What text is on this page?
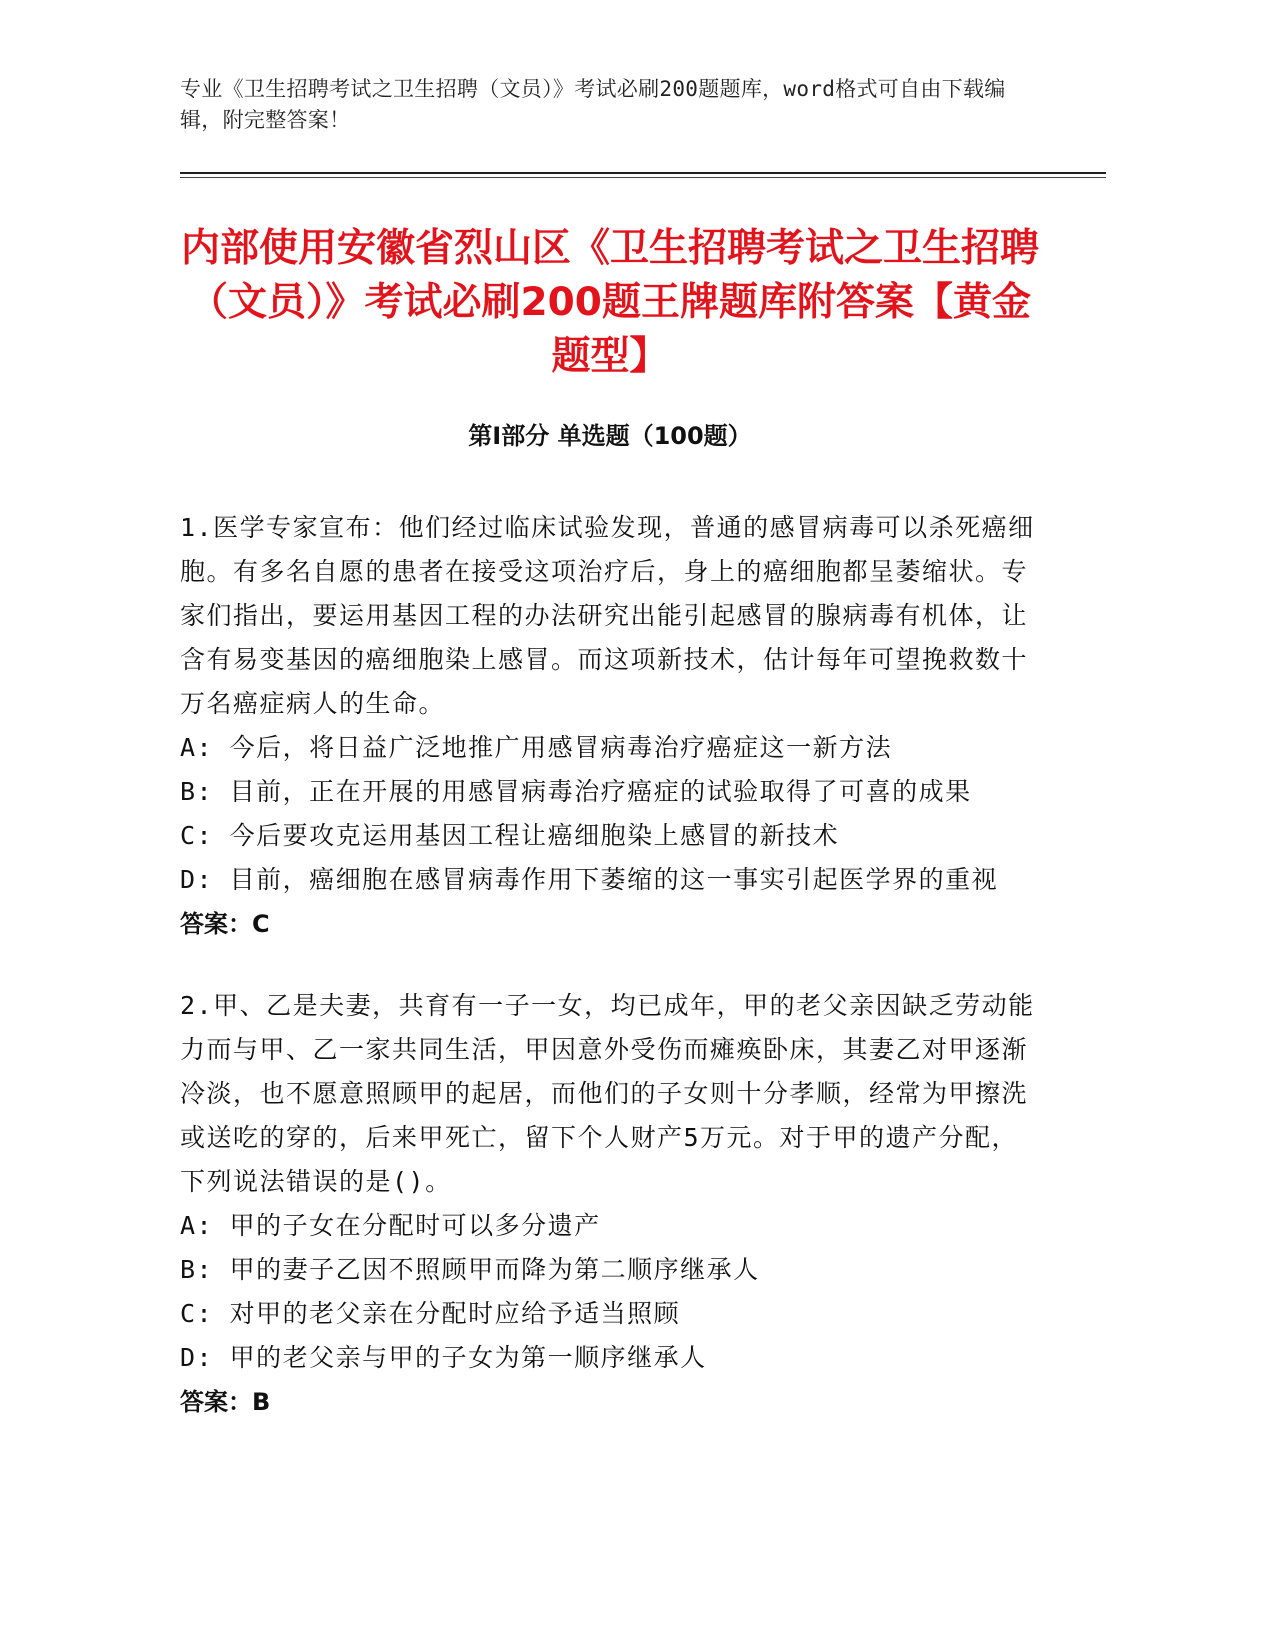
专业《卫生招聘考试之卫生招聘（文员）》考试必刷200题题库，word格式可自由下载编辑，附完整答案！
内部使用安徽省烈山区《卫生招聘考试之卫生招聘（文员）》考试必刷200题王牌题库附答案【黄金题型】
第Ⅰ部分 单选题（100题）

1.医学专家宣布：他们经过临床试验发现，普通的感冒病毒可以杀死癌细胞。有多名自愿的患者在接受这项治疗后，身上的癌细胞都呈萎缩状。专家们指出，要运用基因工程的办法研究出能引起感冒的腺病毒有机体，让含有易变基因的癌细胞染上感冒。而这项新技术，估计每年可望挽救数十万名癌症病人的生命。

A: 今后，将日益广泛地推广用感冒病毒治疗癌症这一新方法

B: 目前，正在开展的用感冒病毒治疗癌症的试验取得了可喜的成果

C: 今后要攻克运用基因工程让癌细胞染上感冒的新技术

D: 目前，癌细胞在感冒病毒作用下萎缩的这一事实引起医学界的重视

答案：C

2.甲、乙是夫妻，共育有一子一女，均已成年，甲的老父亲因缺乏劳动能力而与甲、乙一家共同生活，甲因意外受伤而瘫痪卧床，其妻乙对甲逐渐冷淡，也不愿意照顾甲的起居，而他们的子女则十分孝顺，经常为甲擦洗或送吃的穿的，后来甲死亡，留下个人财产5万元。对于甲的遗产分配，下列说法错误的是()。

A: 甲的子女在分配时可以多分遗产

B: 甲的妻子乙因不照顾甲而降为第二顺序继承人

C: 对甲的老父亲在分配时应给予适当照顾

D: 甲的老父亲与甲的子女为第一顺序继承人

答案：B
